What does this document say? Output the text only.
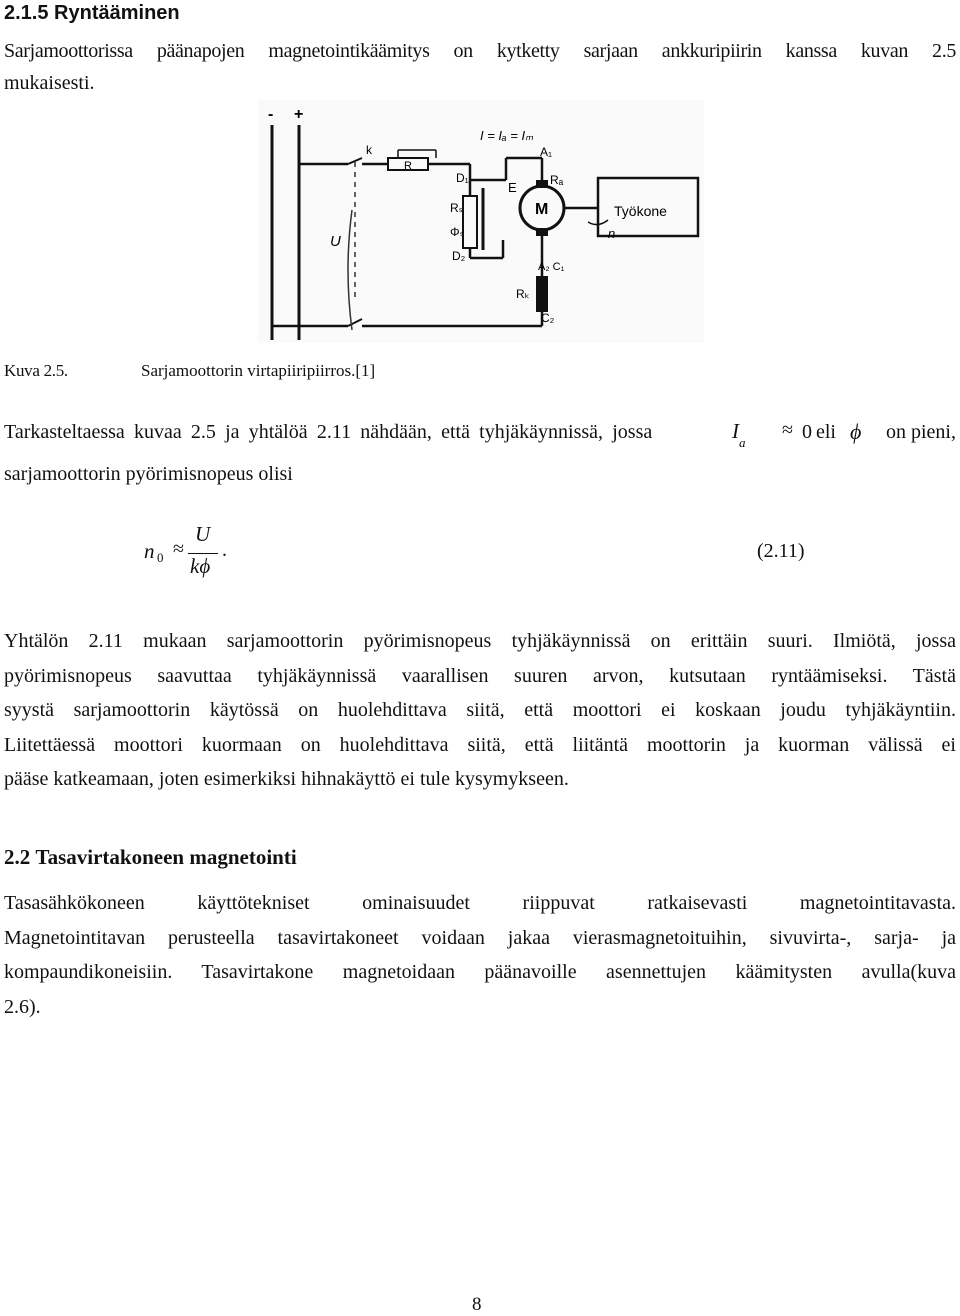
2.1.5 Ryntääminen
Sarjamoottorissa päänapojen magnetointikäämitys on kytketty sarjaan ankkuripiirin kanssa kuvan 2.5
mukaisesti.
- +
k
R
I = Iₐ = Iₘ
A₁
D₁	Rₐ
E
M
Rₛ
Φₛ
D₂
U
A₂ C₁
Rₖ
C₂
n
Työkone
Kuva 2.5.	Sarjamoottorin virtapiiripiirros.[1]
Tarkasteltaessa kuvaa 2.5 ja yhtälöä 2.11 nähdään, että tyhjäkäynnissä, jossa	$I_a$
≈ 0 eli ϕ on pieni,
sarjamoottorin pyörimisnopeus olisi
n 0 ≈
U
kϕ
.	(2.11)
Yhtälön 2.11 mukaan sarjamoottorin pyörimisnopeus tyhjäkäynnissä on erittäin suuri. Ilmiötä, jossa
pyörimisnopeus saavuttaa tyhjäkäynnissä vaarallisen suuren arvon, kutsutaan ryntäämiseksi. Tästä
syystä sarjamoottorin käytössä on huolehdittava siitä, että moottori ei koskaan joudu tyhjäkäyntiin.
Liitettäessä moottori kuormaan on huolehdittava siitä, että liitäntä moottorin ja kuorman välissä ei
pääse katkeamaan, joten esimerkiksi hihnakäyttö ei tule kysymykseen.
2.2 Tasavirtakoneen magnetointi
Tasasähkökoneen käyttötekniset ominaisuudet riippuvat ratkaisevasti magnetointitavasta.
Magnetointitavan perusteella tasavirtakoneet voidaan jakaa vierasmagnetoituihin, sivuvirta-, sarja- ja
kompaundikoneisiin. Tasavirtakone magnetoidaan päänavoille asennettujen käämitysten avulla(kuva
2.6).
8
